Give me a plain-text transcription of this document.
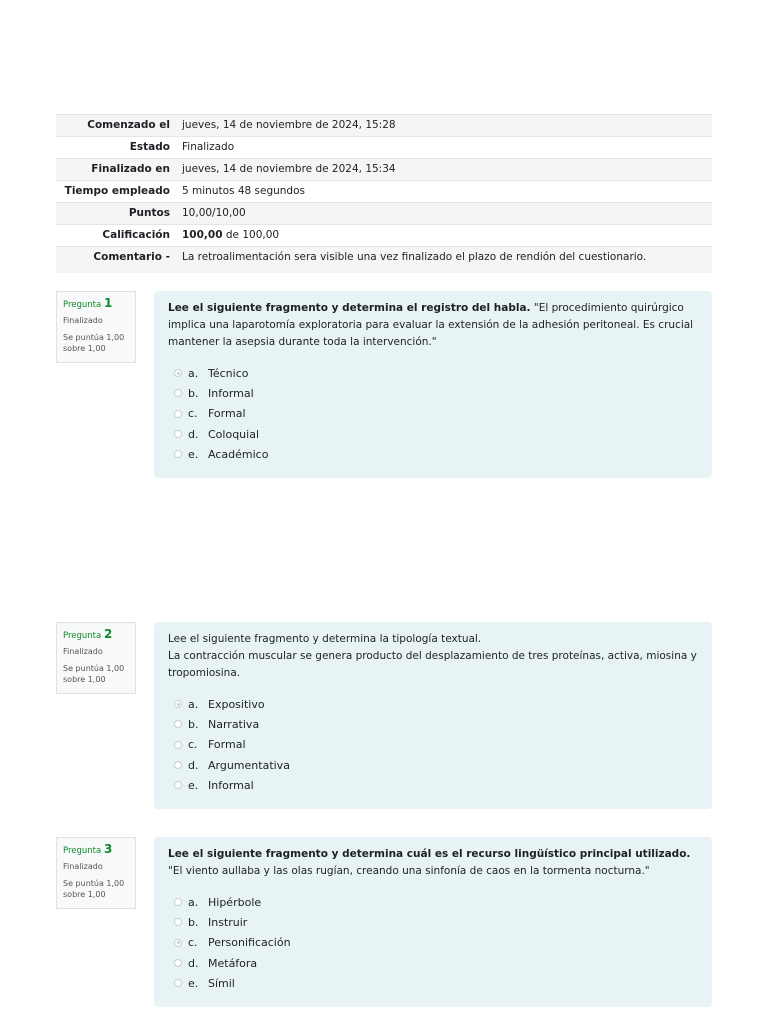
Comenzado el	jueves, 14 de noviembre de 2024, 15:28
Estado	Finalizado
Finalizado en	jueves, 14 de noviembre de 2024, 15:34
Tiempo empleado	5 minutos 48 segundos
Puntos	10,00/10,00
Calificación	100,00 de 100,00
Comentario -	La retroalimentación sera visible una vez finalizado el plazo de rendión del cuestionario.
Pregunta 1
Finalizado
Se puntúa 1,00 sobre 1,00
Lee el siguiente fragmento y determina el registro del habla. "El procedimiento quirúrgico implica una laparotomía exploratoria para evaluar la extensión de la adhesión peritoneal. Es crucial mantener la asepsia durante toda la intervención."
a. Técnico
b. Informal
c. Formal
d. Coloquial
e. Académico
Pregunta 2
Finalizado
Se puntúa 1,00 sobre 1,00
Lee el siguiente fragmento y determina la tipología textual.
La contracción muscular se genera producto del desplazamiento de tres proteínas, activa, miosina y tropomiosina.
a. Expositivo
b. Narrativa
c. Formal
d. Argumentativa
e. Informal
Pregunta 3
Finalizado
Se puntúa 1,00 sobre 1,00
Lee el siguiente fragmento y determina cuál es el recurso lingüístico principal utilizado. "El viento aullaba y las olas rugían, creando una sinfonía de caos en la tormenta nocturna."
a. Hipérbole
b. Instruir
c. Personificación
d. Metáfora
e. Símil
